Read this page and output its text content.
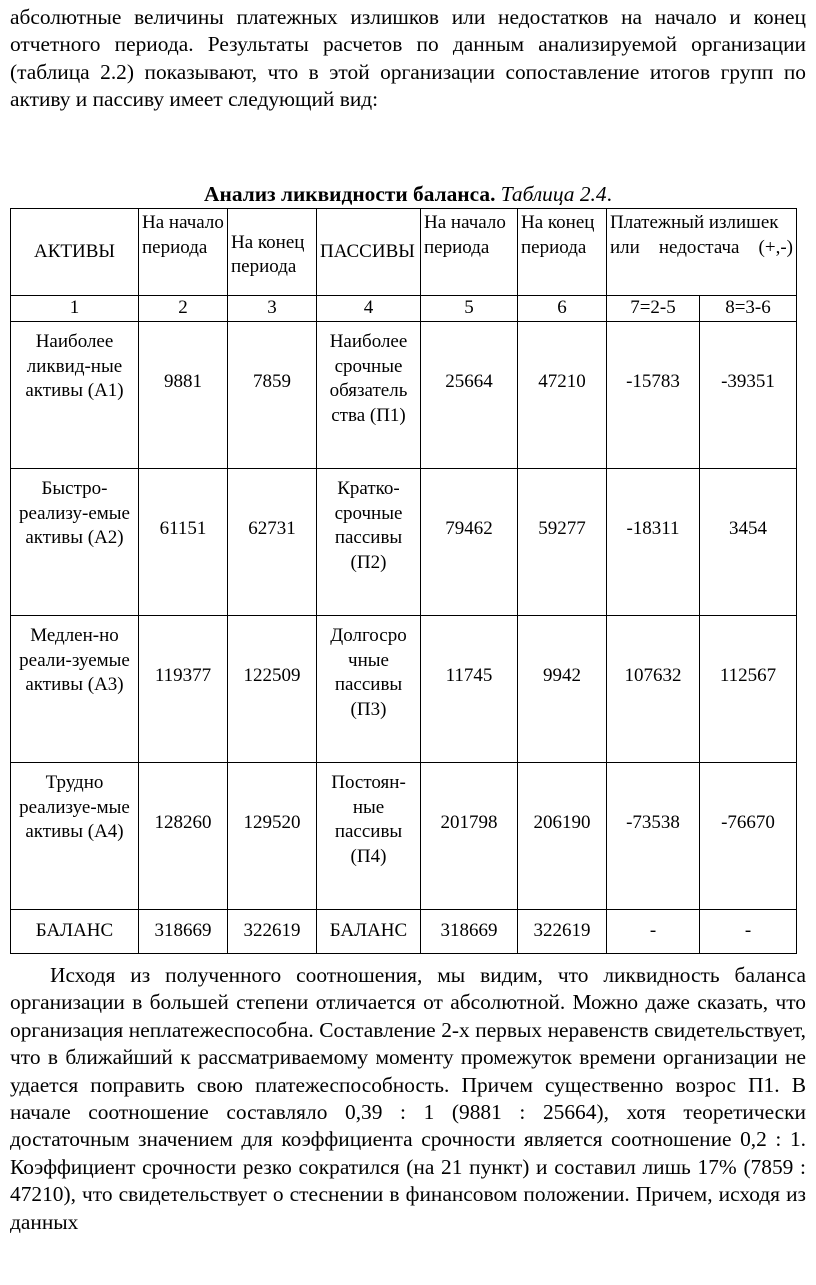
абсолютные величины платежных излишков или недостатков на начало и конец отчетного периода. Результаты расчетов по данным анализируемой организации (таблица 2.2) показывают, что в этой организации сопоставление итогов групп по активу и пассиву имеет следующий вид:

Анализ ликвидности баланса. Таблица 2.4.
АКТИВЫ	На начало периода	На конец периода	ПАССИВЫ	На начало периода	На конец периода	Платежный излишек или недостача (+,-)	
1	2	3	4	5	6	7=2-5	8=3-6
Наиболее ликвид-ные активы (А1)	9881	7859	Наиболее срочные обязатель ства (П1)	25664	47210	-15783	-39351
Быстро-реализу-емые активы (А2)	61151	62731	Кратко-срочные пассивы (П2)	79462	59277	-18311	3454
Медлен-но реали-зуемые активы (А3)	119377	122509	Долгосро чные пассивы (П3)	11745	9942	107632	112567
Трудно реализуе-мые активы (А4)	128260	129520	Постоян-ные пассивы (П4)	201798	206190	-73538	-76670
БАЛАНС	318669	322619	БАЛАНС	318669	322619	-	-

Исходя из полученного соотношения, мы видим, что ликвидность баланса организации в большей степени отличается от абсолютной. Можно даже сказать, что организация неплатежеспособна. Составление 2-х первых неравенств свидетельствует, что в ближайший к рассматриваемому моменту промежуток времени организации не удается поправить свою платежеспособность. Причем существенно возрос П1. В начале соотношение составляло 0,39 : 1 (9881 : 25664), хотя теоретически достаточным значением для коэффициента срочности является соотношение 0,2 : 1. Коэффициент срочности резко сократился (на 21 пункт) и составил лишь 17% (7859 : 47210), что свидетельствует о стеснении в финансовом положении. Причем, исходя из данных
